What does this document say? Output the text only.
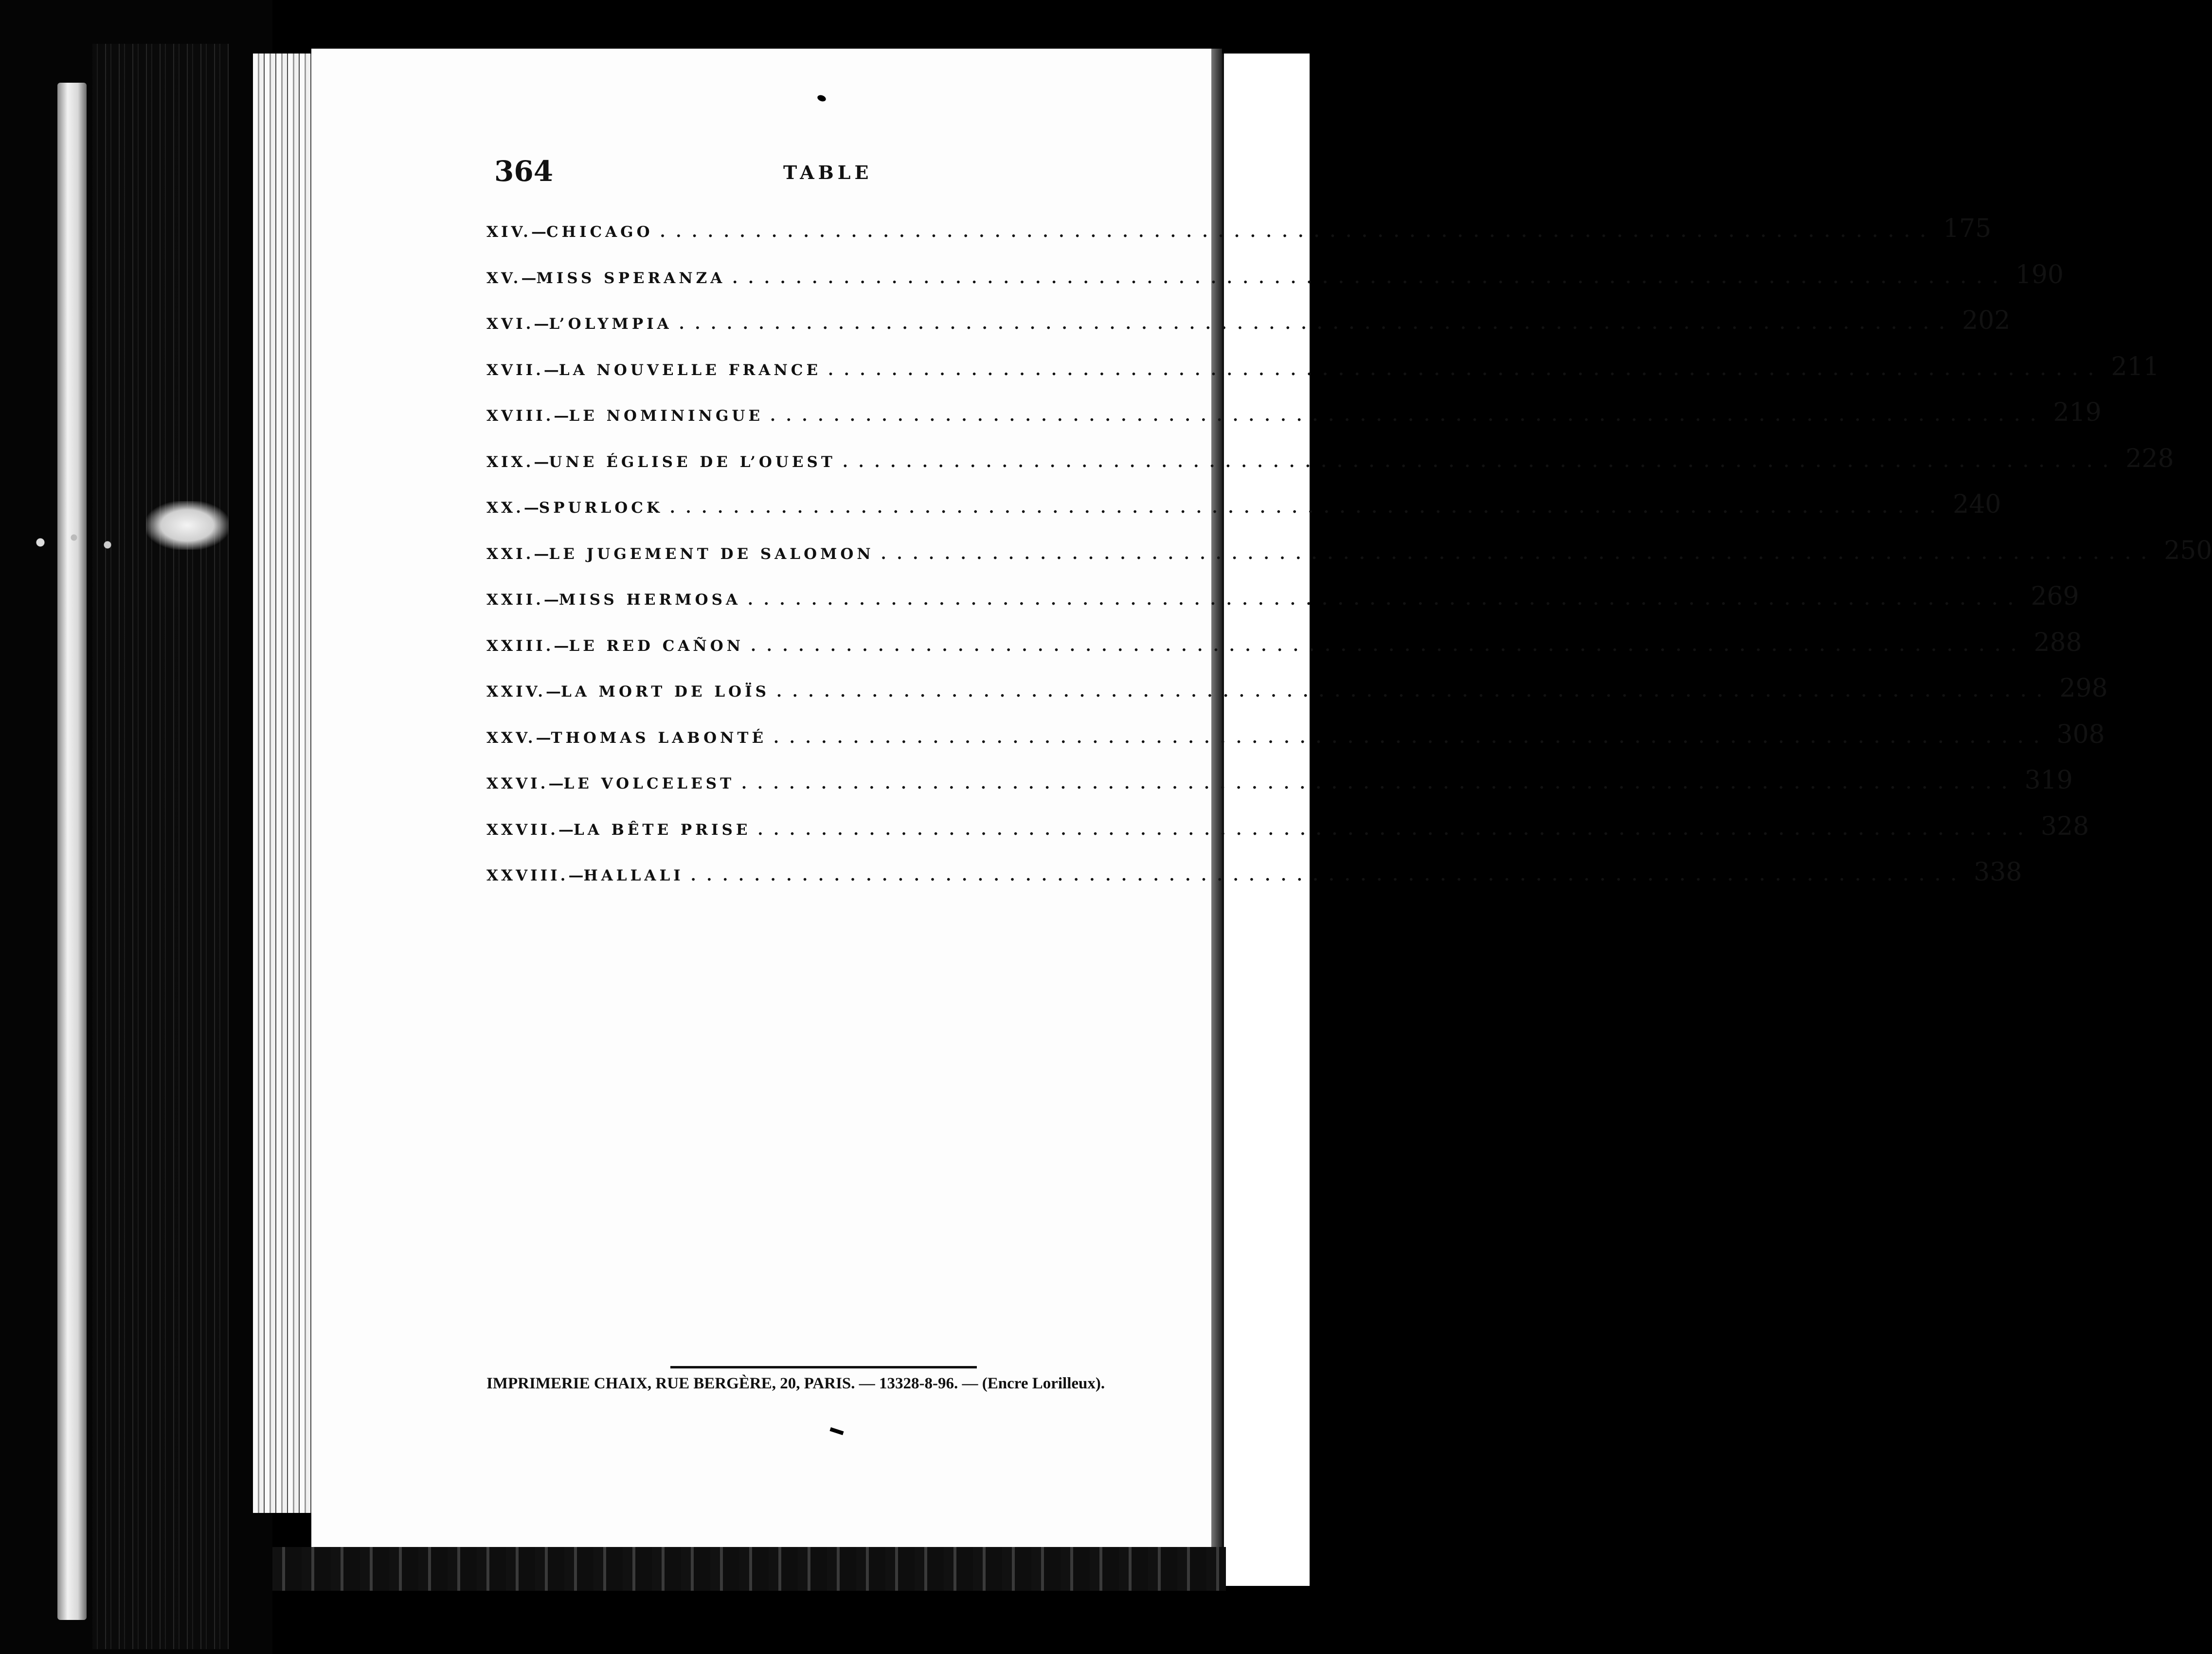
364	TABLE
XIV. — CHICAGO ................................................................................ 175
XV. — MISS SPERANZA ................................................................................ 190
XVI. — L’OLYMPIA ................................................................................ 202
XVII. — LA NOUVELLE FRANCE ................................................................................ 211
XVIII. — LE NOMININGUE ................................................................................ 219
XIX. — UNE ÉGLISE DE L’OUEST ................................................................................ 228
XX. — SPURLOCK ................................................................................ 240
XXI. — LE JUGEMENT DE SALOMON ................................................................................ 250
XXII. — MISS HERMOSA ................................................................................ 269
XXIII. — LE RED CAÑON ................................................................................ 288
XXIV. — LA MORT DE LOÏS ................................................................................ 298
XXV. — THOMAS LABONTÉ ................................................................................ 308
XXVI. — LE VOLCELEST ................................................................................ 319
XXVII. — LA BÊTE PRISE ................................................................................ 328
XXVIII. — HALLALI ................................................................................ 338
IMPRIMERIE CHAIX, RUE BERGÈRE, 20, PARIS. — 13328-8-96. — (Encre Lorilleux).
